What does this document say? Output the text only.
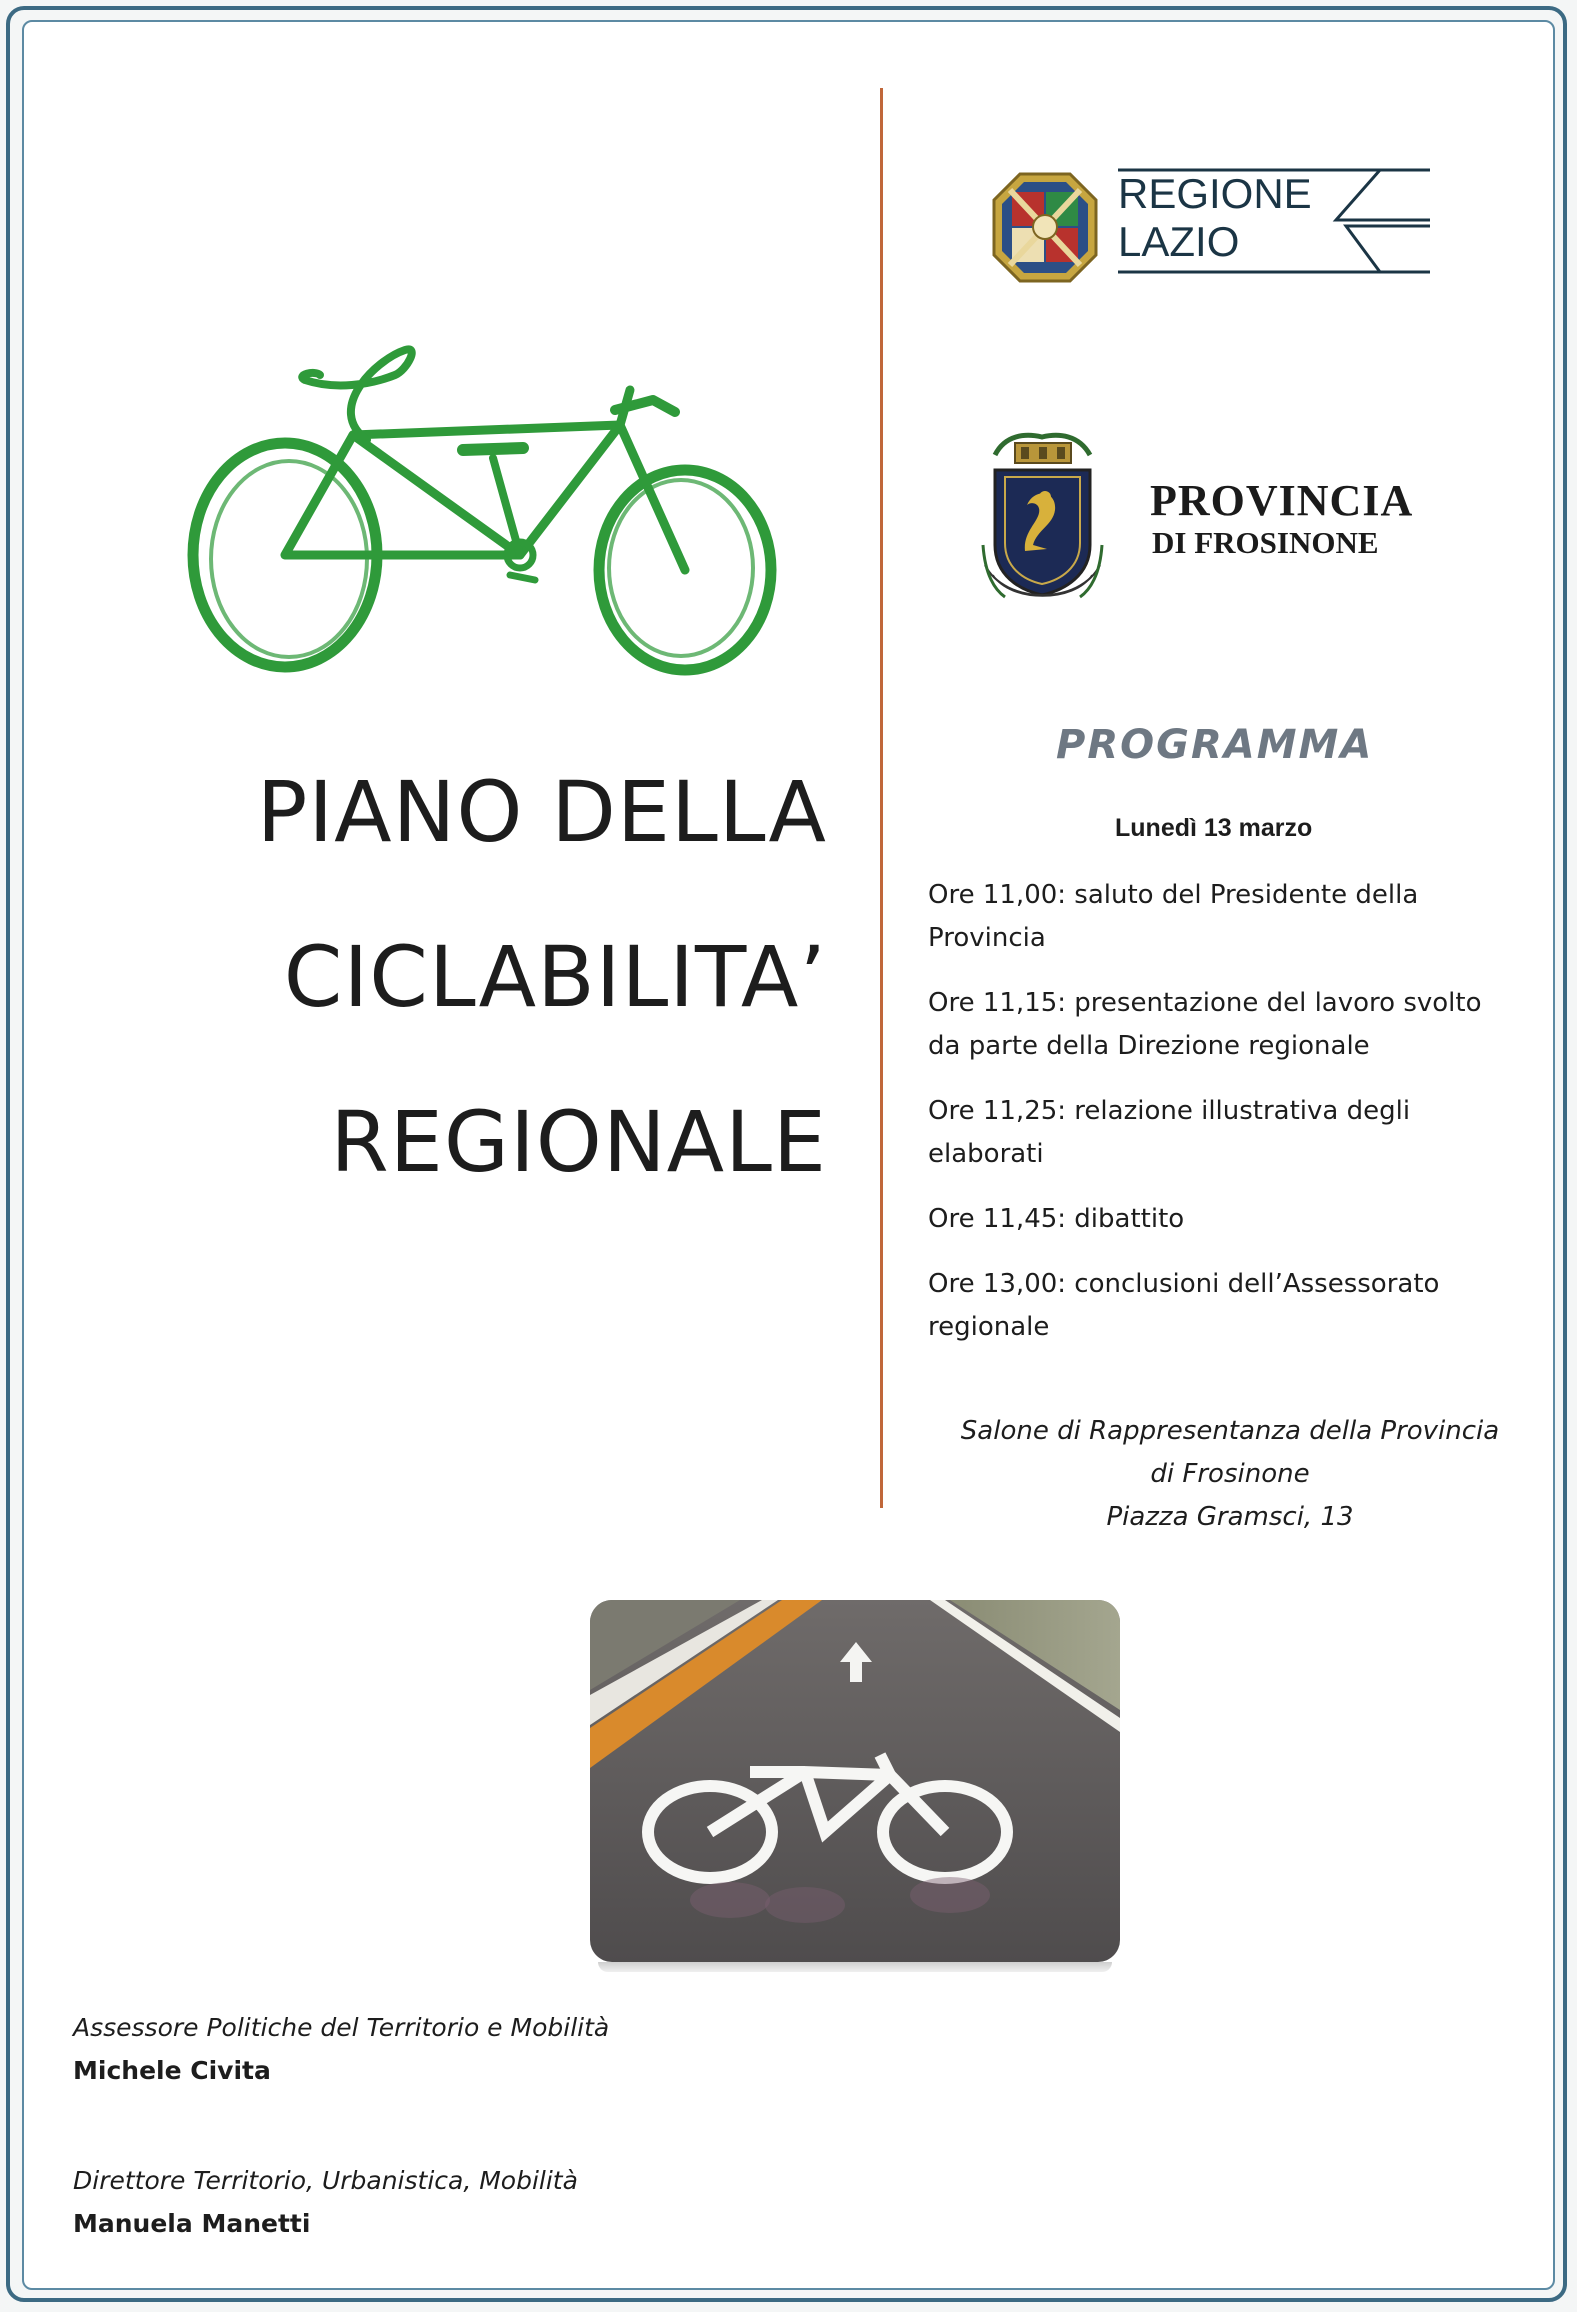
PIANO DELLA
CICLABILITA’
REGIONALE
REGIONE
LAZIO
PROVINCIA
DI FROSINONE
PROGRAMMA
Lunedì 13 marzo
Ore 11,00: saluto del Presidente della Provincia
Ore 11,15: presentazione del lavoro svolto da parte della Direzione regionale
Ore 11,25: relazione illustrativa degli elaborati
Ore 11,45: dibattito
Ore 13,00: conclusioni dell’Assessorato regionale
Salone di Rappresentanza della Provincia
di Frosinone
Piazza Gramsci, 13
Assessore Politiche del Territorio e Mobilità
Michele Civita
Direttore Territorio, Urbanistica, Mobilità
Manuela Manetti
